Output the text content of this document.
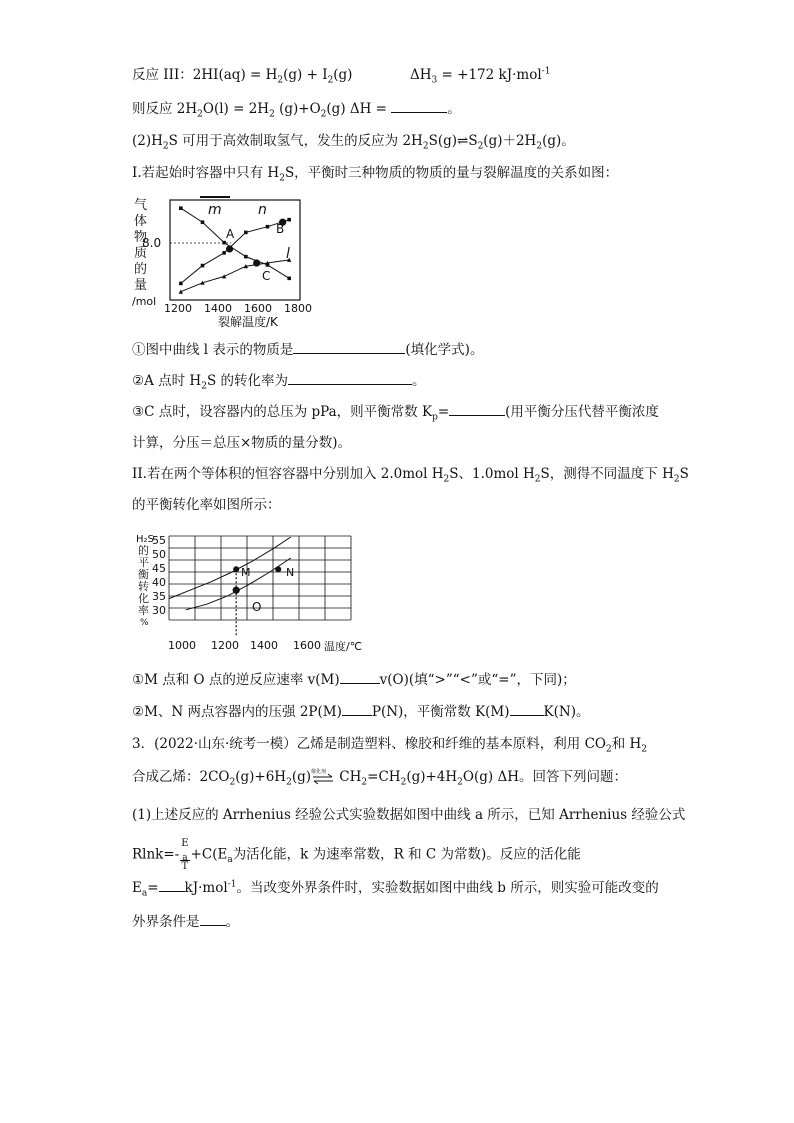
反应 III：$2HI(aq) = H_2(g) + I_2(g)$	$\Delta H_3 = +172$ kJ·mol$^{-1}$
则反应 $2H_2O(l) = 2H_2$ $(g)+O_2(g) \Delta H$ =	。
$(2)H_2S$ 可用于高效制取氢气，发生的反应为 $2H_2S(g)\rightleftharpoons S_2(g)+2H_2(g)$。
Ⅰ.若起始时容器中只有 $H_2S$，平衡时三种物质的物质的量与裂解温度的关系如图：
气
体
物
质
的
量
/mol
8.0
1200 1400 1600 1800
裂解温度/K
m	n
l
A	B
C
①图中曲线 l 表示的物质是	(填化学式)。
②A 点时 $H_2S$ 的转化率为	。
③C 点时，设容器内的总压为 pPa，则平衡常数 $K_p=$	(用平衡分压代替平衡浓度
计算，分压＝总压×物质的量分数)。
II.若在两个等体积的恒容容器中分别加入 2.0mol $H_2S$、1.0mol $H_2S$，测得不同温度下 $H_2S$
的平衡转化率如图所示：
H₂S
的
平
衡
转
化
率
%
55
50
45
40
35
30
1000 1200 1400 1600 温度/℃
M	N
O
①M 点和 O 点的逆反应速率 v(M)	v(O)(填“>”“<”或“=”，下同)；
②M、N 两点容器内的压强 2P(M) P(N)，平衡常数 K(M)	K(N)。
3．(2022·山东·统考一模）乙烯是制造塑料、橡胶和纤维的基本原料，利用 $CO_2$和 $H_2$
合成乙烯：$2CO_2(g)+6H_2(g)$ 催化剂 $CH_2=CH_2(g)+4H_2O(g)$ ΔH。回答下列问题：
(1)上述反应的 Arrhenius 经验公式实验数据如图中曲线 a 所示，已知 Arrhenius 经验公式
Rlnk=- E
$_a$
$T +C(E_a$为活化能，k 为速率常数，R 和 C 为常数)。反应的活化能
$E_a= kJ\cdot mol^{-1}$。当改变外界条件时，实验数据如图中曲线 b 所示，则实验可能改变的
外界条件是 。
